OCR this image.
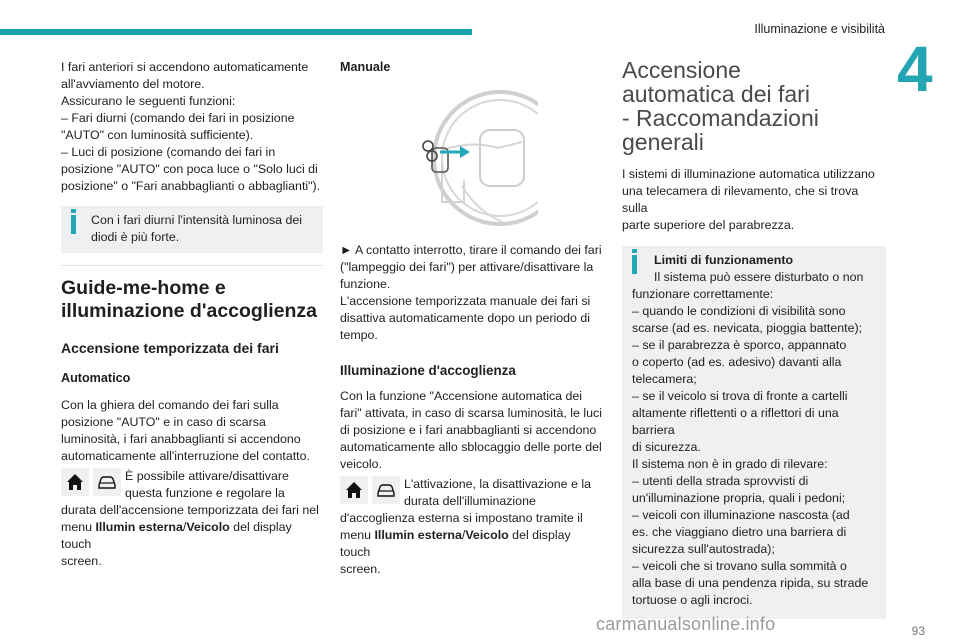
Illuminazione e visibilità
4

I fari anteriori si accendono automaticamente

all'avviamento del motore.

Assicurano le seguenti funzioni:

– Fari diurni (comando dei fari in posizione

"AUTO" con luminosità sufficiente).

– Luci di posizione (comando dei fari in

posizione "AUTO" con poca luce o "Solo luci di

posizione" o "Fari anabbaglianti o abbaglianti").

Con i fari diurni l'intensità luminosa dei

diodi è più forte.

Guide-me-home e

illuminazione d'accoglienza

Accensione temporizzata dei fari
Automatico

Con la ghiera del comando dei fari sulla

posizione "AUTO" e in caso di scarsa

luminosità, i fari anabbaglianti si accendono

automaticamente all'interruzione del contatto.

È possibile attivare/disattivare

questa funzione e regolare la

durata dell'accensione temporizzata dei fari nel

menu Illumin esterna/Veicolo del display touch

screen.

Manuale

► A contatto interrotto, tirare il comando dei fari

("lampeggio dei fari") per attivare/disattivare la

funzione.

L'accensione temporizzata manuale dei fari si

disattiva automaticamente dopo un periodo di

tempo.

Illuminazione d'accoglienza

Con la funzione "Accensione automatica dei

fari" attivata, in caso di scarsa luminosità, le luci

di posizione e i fari anabbaglianti si accendono

automaticamente allo sblocaggio delle porte del

veicolo.

L'attivazione, la disattivazione e la

durata dell'illuminazione

d'accoglienza esterna si impostano tramite il

menu Illumin esterna/Veicolo del display touch

screen.

Accensione

automatica dei fari

- Raccomandazioni

generali

I sistemi di illuminazione automatica utilizzano

una telecamera di rilevamento, che si trova sulla

parte superiore del parabrezza.

Limiti di funzionamento

Il sistema può essere disturbato o non

funzionare correttamente:

– quando le condizioni di visibilità sono

scarse (ad es. nevicata, pioggia battente);

– se il parabrezza è sporco, appannato

o coperto (ad es. adesivo) davanti alla

telecamera;

– se il veicolo si trova di fronte a cartelli

altamente riflettenti o a riflettori di una barriera

di sicurezza.

Il sistema non è in grado di rilevare:

– utenti della strada sprovvisti di

un'illuminazione propria, quali i pedoni;

– veicoli con illuminazione nascosta (ad

es. che viaggiano dietro una barriera di

sicurezza sull'autostrada);

– veicoli che si trovano sulla sommità o

alla base di una pendenza ripida, su strade

tortuose o agli incroci.

carmanualsonline.info	93
